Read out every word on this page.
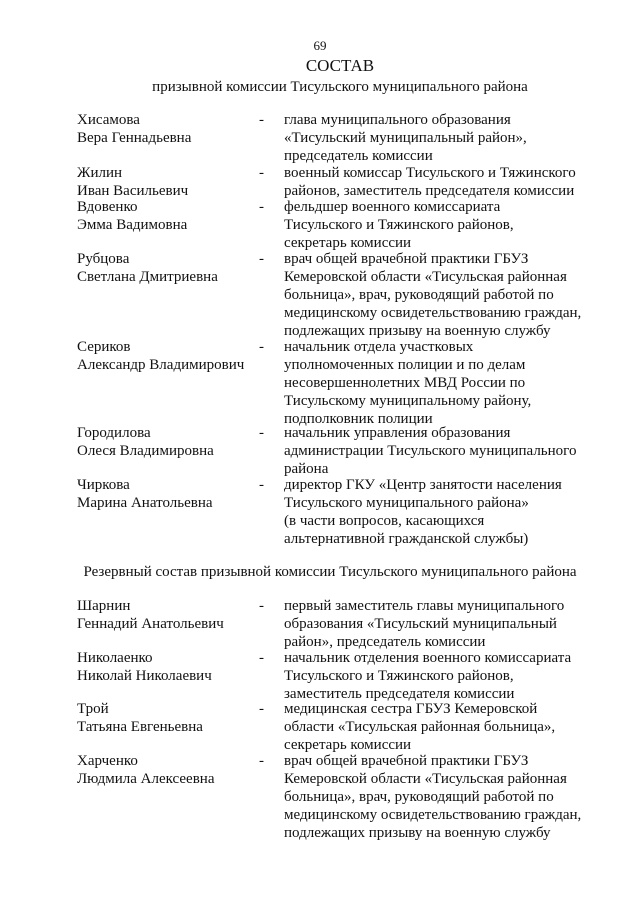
69
СОСТАВ
призывной комиссии Тисульского муниципального района
Хисамова
Вера Геннадьевна
- глава муниципального образования
«Тисульский муниципальный район»,
председатель комиссии
Жилин
Иван Васильевич
- военный комиссар Тисульского и Тяжинского
районов, заместитель председателя комиссии
Вдовенко
Эмма Вадимовна
- фельдшер военного комиссариата
Тисульского и Тяжинского районов,
секретарь комиссии
Рубцова
Светлана Дмитриевна
- врач общей врачебной практики ГБУЗ
Кемеровской области «Тисульская районная
больница», врач, руководящий работой по
медицинскому освидетельствованию граждан,
подлежащих призыву на военную службу
Сериков
Александр Владимирович
- начальник отдела участковых
уполномоченных полиции и по делам
несовершеннолетних МВД России по
Тисульскому муниципальному району,
подполковник полиции
Городилова
Олеся Владимировна
- начальник управления образования
администрации Тисульского муниципального
района
Чиркова
Марина Анатольевна
- директор ГКУ «Центр занятости населения
Тисульского муниципального района»
(в части вопросов, касающихся
альтернативной гражданской службы)
Резервный состав призывной комиссии Тисульского муниципального района
Шарнин
Геннадий Анатольевич
- первый заместитель главы муниципального
образования «Тисульский муниципальный
район», председатель комиссии
Николаенко
Николай Николаевич
- начальник отделения военного комиссариата
Тисульского и Тяжинского районов,
заместитель председателя комиссии
Трой
Татьяна Евгеньевна
- медицинская сестра ГБУЗ Кемеровской
области «Тисульская районная больница»,
секретарь комиссии
Харченко
Людмила Алексеевна
- врач общей врачебной практики ГБУЗ
Кемеровской области «Тисульская районная
больница», врач, руководящий работой по
медицинскому освидетельствованию граждан,
подлежащих призыву на военную службу
